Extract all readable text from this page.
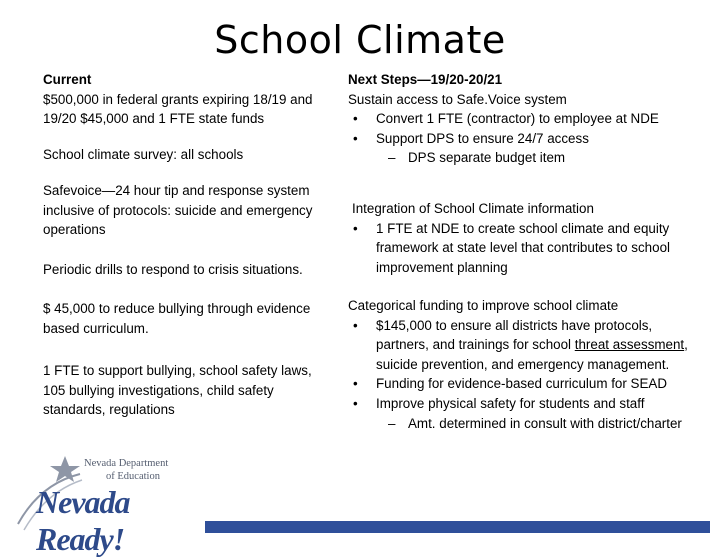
School Climate

Current

$500,000 in federal grants expiring 18/19 and 19/20 $45,000 and 1 FTE state funds

School climate survey: all schools

Safevoice—24 hour tip and response system inclusive of protocols: suicide and emergency operations

Periodic drills to respond to crisis situations.

$ 45,000 to reduce bullying through evidence based curriculum.

1 FTE to support bullying, school safety laws, 105 bullying investigations, child safety standards, regulations

Next Steps—19/20-20/21

Sustain access to Safe.Voice system

• Convert 1 FTE (contractor) to employee at NDE

• Support DPS to ensure 24/7 access

– DPS separate budget item

Integration of School Climate information

• 1 FTE at NDE to create school climate and equity framework at state level that contributes to school improvement planning

Categorical funding to improve school climate

• $145,000 to ensure all districts have protocols, partners, and trainings for school threat assessment, suicide prevention, and emergency management.

• Funding for evidence-based curriculum for SEAD

• Improve physical safety for students and staff

– Amt. determined in consult with district/charter

Nevada Department
of Education
Nevada Ready!
